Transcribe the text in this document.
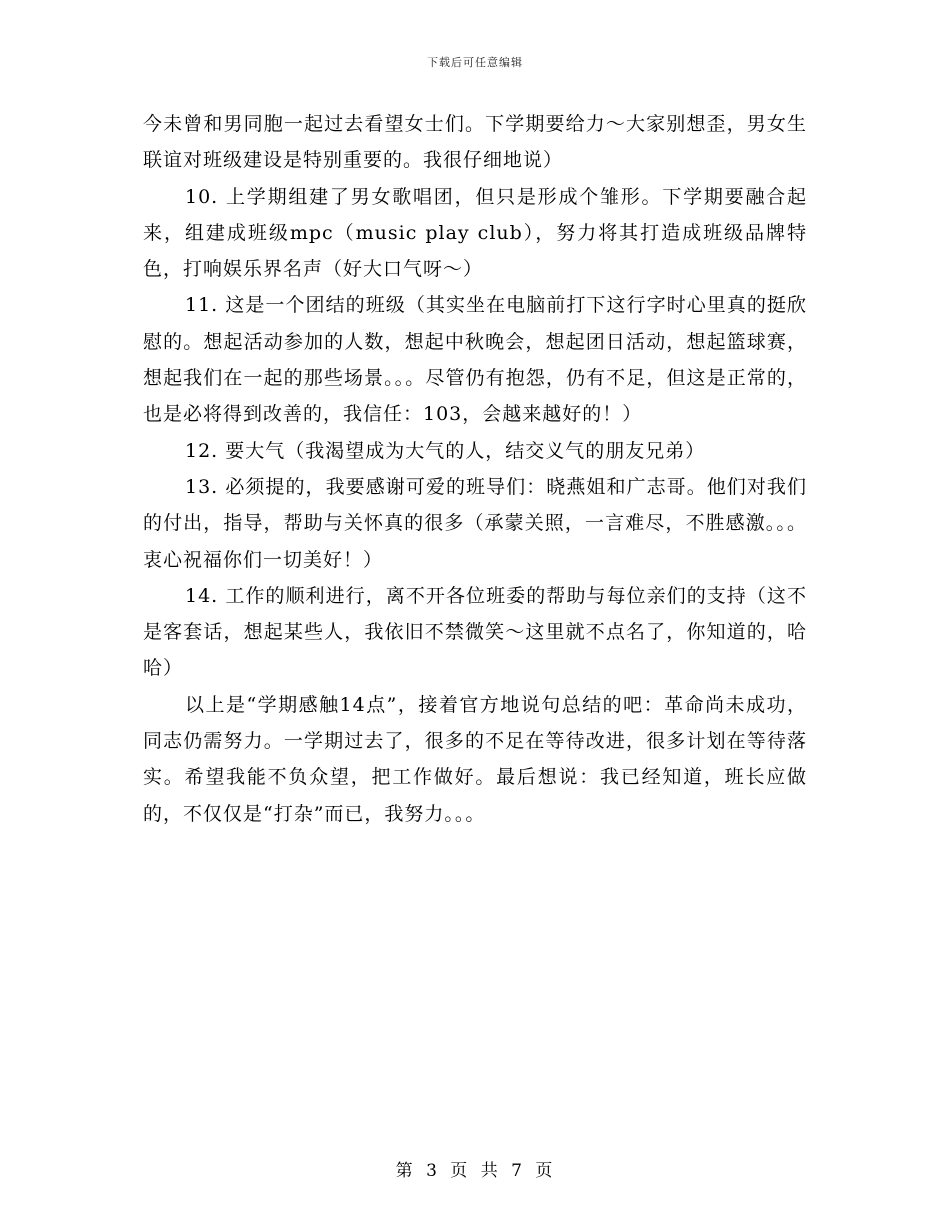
下载后可任意编辑

今未曾和男同胞一起过去看望女士们。下学期要给力～大家别想歪，男女生联谊对班级建设是特别重要的。我很仔细地说）

10. 上学期组建了男女歌唱团，但只是形成个雏形。下学期要融合起来，组建成班级mpc（music play club），努力将其打造成班级品牌特色，打响娱乐界名声（好大口气呀～）

11. 这是一个团结的班级（其实坐在电脑前打下这行字时心里真的挺欣慰的。想起活动参加的人数，想起中秋晚会，想起团日活动，想起篮球赛，想起我们在一起的那些场景。。。尽管仍有抱怨，仍有不足，但这是正常的，也是必将得到改善的，我信任：103，会越来越好的！）

12. 要大气（我渴望成为大气的人，结交义气的朋友兄弟）

13. 必须提的，我要感谢可爱的班导们：晓燕姐和广志哥。他们对我们的付出，指导，帮助与关怀真的很多（承蒙关照，一言难尽，不胜感激。。。衷心祝福你们一切美好！）

14. 工作的顺利进行，离不开各位班委的帮助与每位亲们的支持（这不是客套话，想起某些人，我依旧不禁微笑～这里就不点名了，你知道的，哈哈）

以上是“学期感触14点”，接着官方地说句总结的吧：革命尚未成功，同志仍需努力。一学期过去了，很多的不足在等待改进，很多计划在等待落实。希望我能不负众望，把工作做好。最后想说：我已经知道，班长应做的，不仅仅是“打杂”而已，我努力。。。

第 3 页 共 7 页
